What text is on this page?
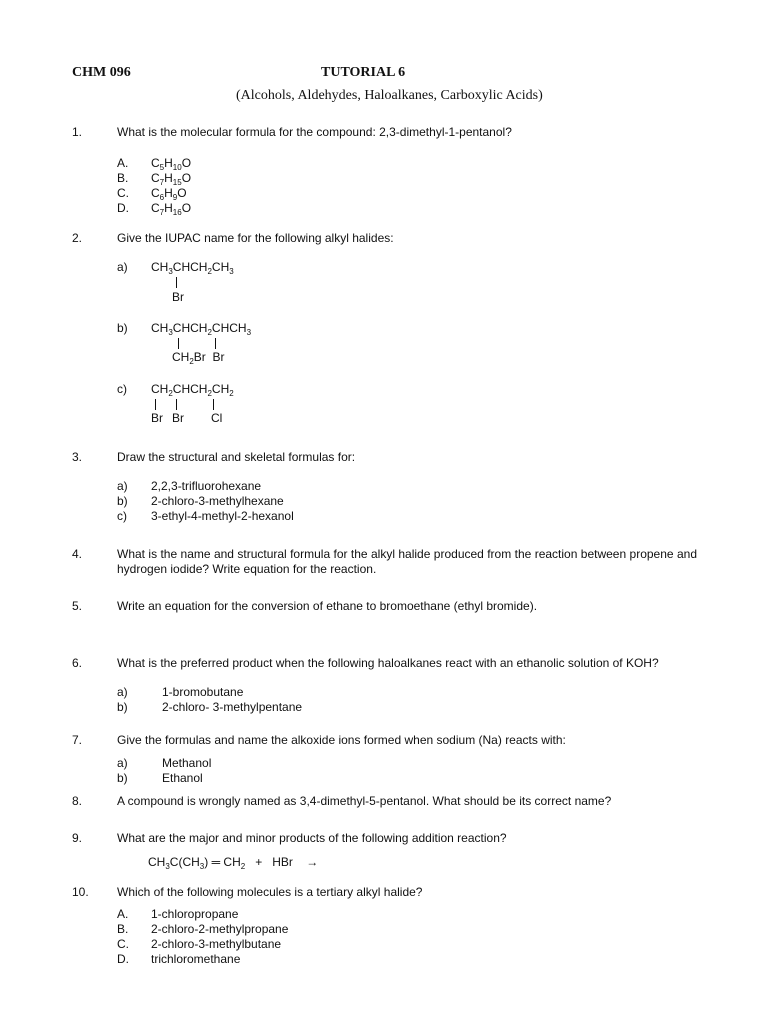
CHM 096	TUTORIAL 6
(Alcohols, Aldehydes, Haloalkanes, Carboxylic Acids)
1.	What is the molecular formula for the compound: 2,3-dimethyl-1-pentanol?
A. $C_5H_{10}O$
B. $C_7H_{15}O$
C. $C_6H_9O$
D. $C_7H_{16}O$
2.	Give the IUPAC name for the following alkyl halides:
a) $CH_3CHCH_2CH_3$
Br
b) $CH_3CHCH_2CHCH_3$
$CH_2Br$  Br
c) $CH_2CHCH_2CH_2$
Br Br Cl
3.	Draw the structural and skeletal formulas for:
a) 2,2,3-trifluorohexane
b) 2-chloro-3-methylhexane
c) 3-ethyl-4-methyl-2-hexanol
4.	What is the name and structural formula for the alkyl halide produced from the reaction between propene and hydrogen iodide? Write equation for the reaction.
5.	Write an equation for the conversion of ethane to bromoethane (ethyl bromide).
6.	What is the preferred product when the following haloalkanes react with an ethanolic solution of KOH?
a)	1-bromobutane
b)	2-chloro- 3-methylpentane
7.	Give the formulas and name the alkoxide ions formed when sodium (Na) reacts with:
a)	Methanol
b)	Ethanol
8.	A compound is wrongly named as 3,4-dimethyl-5-pentanol. What should be its correct name?
9.	What are the major and minor products of the following addition reaction?
$CH_3C(CH_3)$ ═ $CH_2$   +   HBr    →
10. Which of the following molecules is a tertiary alkyl halide?
A. 1-chloropropane
B. 2-chloro-2-methylpropane
C. 2-chloro-3-methylbutane
D. trichloromethane
